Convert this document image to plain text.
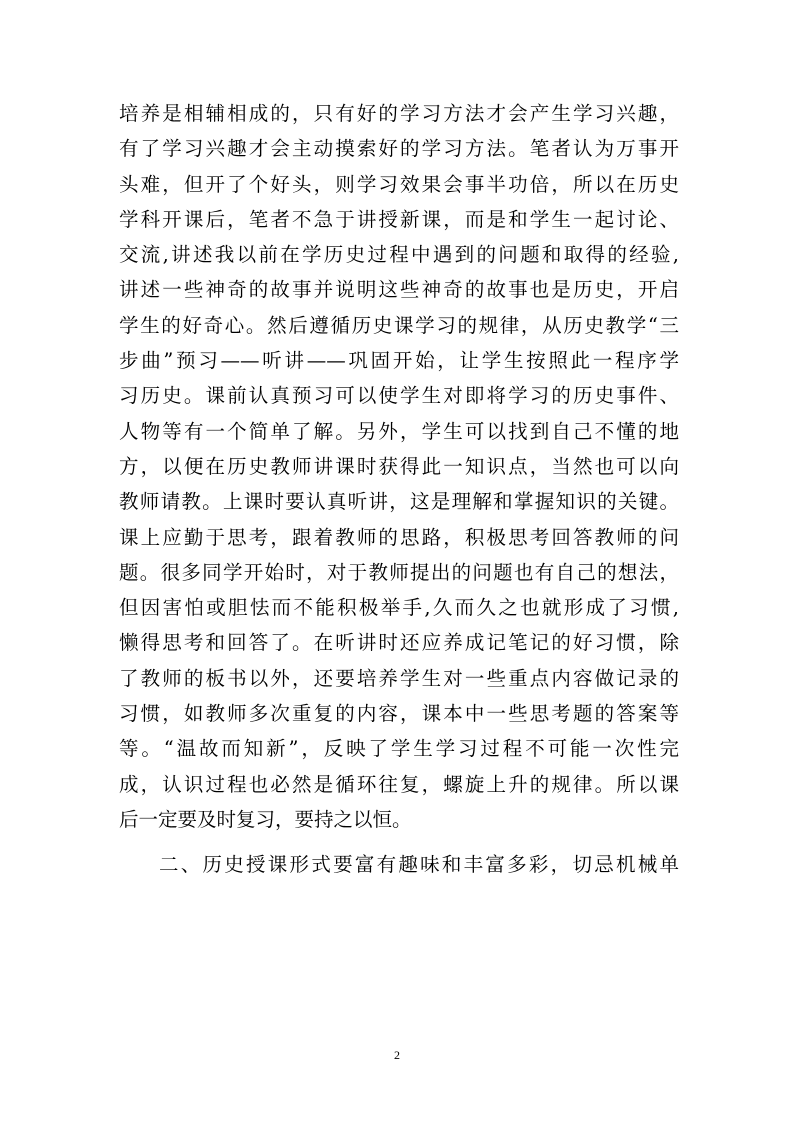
培养是相辅相成的，只有好的学习方法才会产生学习兴趣，
有了学习兴趣才会主动摸索好的学习方法。笔者认为万事开
头难，但开了个好头，则学习效果会事半功倍，所以在历史
学科开课后，笔者不急于讲授新课，而是和学生一起讨论、
交流,讲述我以前在学历史过程中遇到的问题和取得的经验,
讲述一些神奇的故事并说明这些神奇的故事也是历史，开启
学生的好奇心。然后遵循历史课学习的规律，从历史教学“三
步曲”预习——听讲——巩固开始，让学生按照此一程序学
习历史。课前认真预习可以使学生对即将学习的历史事件、
人物等有一个简单了解。另外，学生可以找到自己不懂的地
方，以便在历史教师讲课时获得此一知识点，当然也可以向
教师请教。上课时要认真听讲，这是理解和掌握知识的关键。
课上应勤于思考，跟着教师的思路，积极思考回答教师的问
题。很多同学开始时，对于教师提出的问题也有自己的想法，
但因害怕或胆怯而不能积极举手,久而久之也就形成了习惯,
懒得思考和回答了。在听讲时还应养成记笔记的好习惯，除
了教师的板书以外，还要培养学生对一些重点内容做记录的
习惯，如教师多次重复的内容，课本中一些思考题的答案等
等。“温故而知新”，反映了学生学习过程不可能一次性完
成，认识过程也必然是循环往复，螺旋上升的规律。所以课
后一定要及时复习，要持之以恒。
二、历史授课形式要富有趣味和丰富多彩，切忌机械单
2
